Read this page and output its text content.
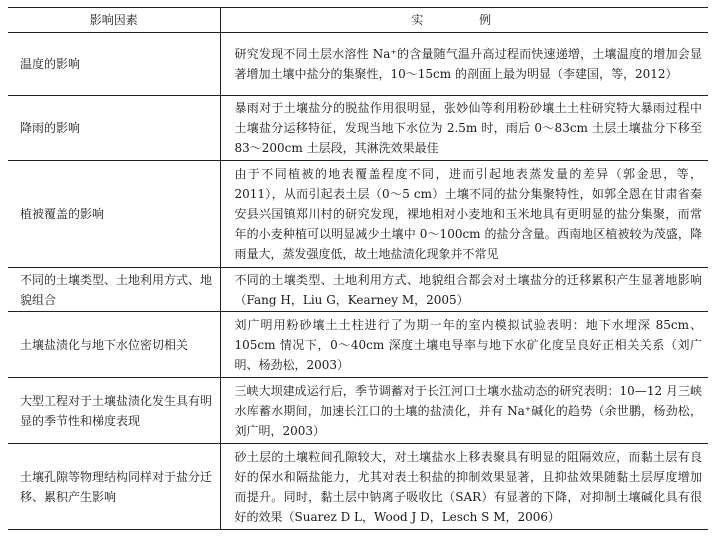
影响因素	实 例
温度的影响	研究发现不同土层水溶性 Na⁺的含量随气温升高过程而快速递增，土壤温度的增加会显著增加土壤中盐分的集聚性，10～15cm 的剖面上最为明显（李建国，等，2012）
降雨的影响	暴雨对于土壤盐分的脱盐作用很明显，张妙仙等利用粉砂壤土土柱研究特大暴雨过程中土壤盐分运移特征，发现当地下水位为 2.5m 时，雨后 0～83cm 土层土壤盐分下移至 83～200cm 土层段，其淋洗效果最佳
植被覆盖的影响	由于不同植被的地表覆盖程度不同，进而引起地表蒸发量的差异（郭金思，等，2011），从而引起表土层（0～5 cm）土壤不同的盐分集聚特性，如郭全恩在甘肃省秦安县兴国镇郑川村的研究发现，裸地相对小麦地和玉米地具有更明显的盐分集聚，而常年的小麦种植可以明显减少土壤中 0～100cm 的盐分含量。西南地区植被较为茂盛，降雨量大，蒸发强度低，故土地盐渍化现象并不常见
不同的土壤类型、土地利用方式、地貌组合	不同的土壤类型、土地利用方式、地貌组合都会对土壤盐分的迁移累积产生显著地影响（Fang H，Liu G，Kearney M，2005）
土壤盐渍化与地下水位密切相关	刘广明用粉砂壤土土柱进行了为期一年的室内模拟试验表明：地下水埋深 85cm、105cm 情况下，0～40cm 深度土壤电导率与地下水矿化度呈良好正相关关系（刘广明、杨劲松，2003）
大型工程对于土壤盐渍化发生具有明显的季节性和梯度表现	三峡大坝建成运行后，季节调蓄对于长江河口土壤水盐动态的研究表明：10—12 月三峡水库蓄水期间，加速长江口的土壤的盐渍化，并有 Na⁺碱化的趋势（余世鹏，杨劲松，刘广明，2003）
土壤孔隙等物理结构同样对于盐分迁移、累积产生影响	砂土层的土壤粒间孔隙较大，对土壤盐水上移表聚具有明显的阻隔效应，而黏土层有良好的保水和隔盐能力，尤其对表土积盐的抑制效果显著，且抑盐效果随黏土层厚度增加而提升。同时，黏土层中钠离子吸收比（SAR）有显著的下降，对抑制土壤碱化具有很好的效果（Suarez D L，Wood J D，Lesch S M，2006）
